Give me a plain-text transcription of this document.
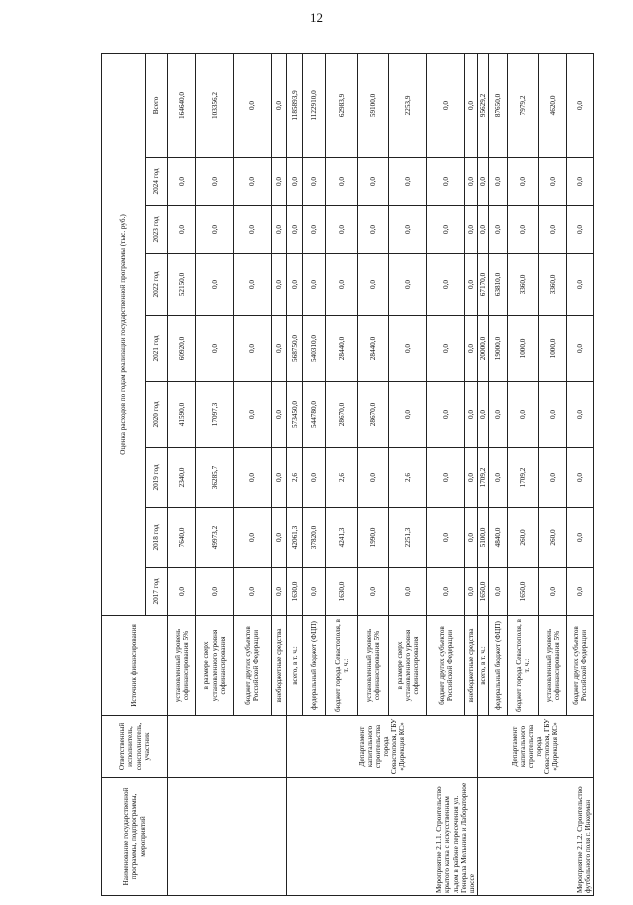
12
Наименование государственной программы, подпрограммы, мероприятий	Ответственный исполнитель, соисполнитель, участник	Источник финансирования	Оценка расходов по годам реализации государственной программы (тыс. руб.)								
			2017 год	2018 год	2019 год	2020 год	2021 год	2022 год	2023 год	2024 год	Всего
		установленный уровень софинансирования 5%	0,0	7640,0	2340,0	41590,0	60920,0	52150,0	0,0	0,0	164640,0
		в размере сверх установленного уровня софинансирования	0,0	49973,2	36285,7	17097,3	0,0	0,0	0,0	0,0	103356,2
		бюджет других субъектов Российской Федерации	0,0	0,0	0,0	0,0	0,0	0,0	0,0	0,0	0,0
		внебюджетные средства	0,0	0,0	0,0	0,0	0,0	0,0	0,0	0,0	0,0
Мероприятие 2.1.1. Строительство крытого катка с искусственным льдом в районе пересечения ул. Генерала Мельника и Лабораторное шоссе	Департамент капитального строительства города Севастополя, ГБУ «Дирекция КС»	всего, в т. ч.:	1630,0	42061,3	2,6	573450,0	568750,0	0,0	0,0	0,0	1185893,9
		федеральный бюджет (ФЦП)	0,0	37820,0	0,0	544780,0	540310,0	0,0	0,0	0,0	1122910,0
		бюджет города Севастополя, в т. ч.:	1630,0	4241,3	2,6	28670,0	28440,0	0,0	0,0	0,0	62983,9
		установленный уровень софинансирования 5%	0,0	1990,0	0,0	28670,0	28440,0	0,0	0,0	0,0	59100,0
		в размере сверх установленного уровня софинансирования	0,0	2251,3	2,6	0,0	0,0	0,0	0,0	0,0	2253,9
		бюджет других субъектов Российской Федерации	0,0	0,0	0,0	0,0	0,0	0,0	0,0	0,0	0,0
		внебюджетные средства	0,0	0,0	0,0	0,0	0,0	0,0	0,0	0,0	0,0
Мероприятие 2.1.2. Строительство футбольного поля г. Инкерман	Департамент капитального строительства города Севастополя, ГБУ «Дирекция КС»	всего, в т. ч.:	1650,0	5100,0	1709,2	0,0	20000,0	67170,0	0,0	0,0	95629,2
		федеральный бюджет (ФЦП)	0,0	4840,0	0,0	0,0	19000,0	63810,0	0,0	0,0	87650,0
		бюджет города Севастополя, в т. ч.:	1650,0	260,0	1709,2	0,0	1000,0	3360,0	0,0	0,0	7979,2
		установленный уровень софинансирования 5%	0,0	260,0	0,0	0,0	1000,0	3360,0	0,0	0,0	4620,0
		бюджет других субъектов Российской Федерации	0,0	0,0	0,0	0,0	0,0	0,0	0,0	0,0	0,0
